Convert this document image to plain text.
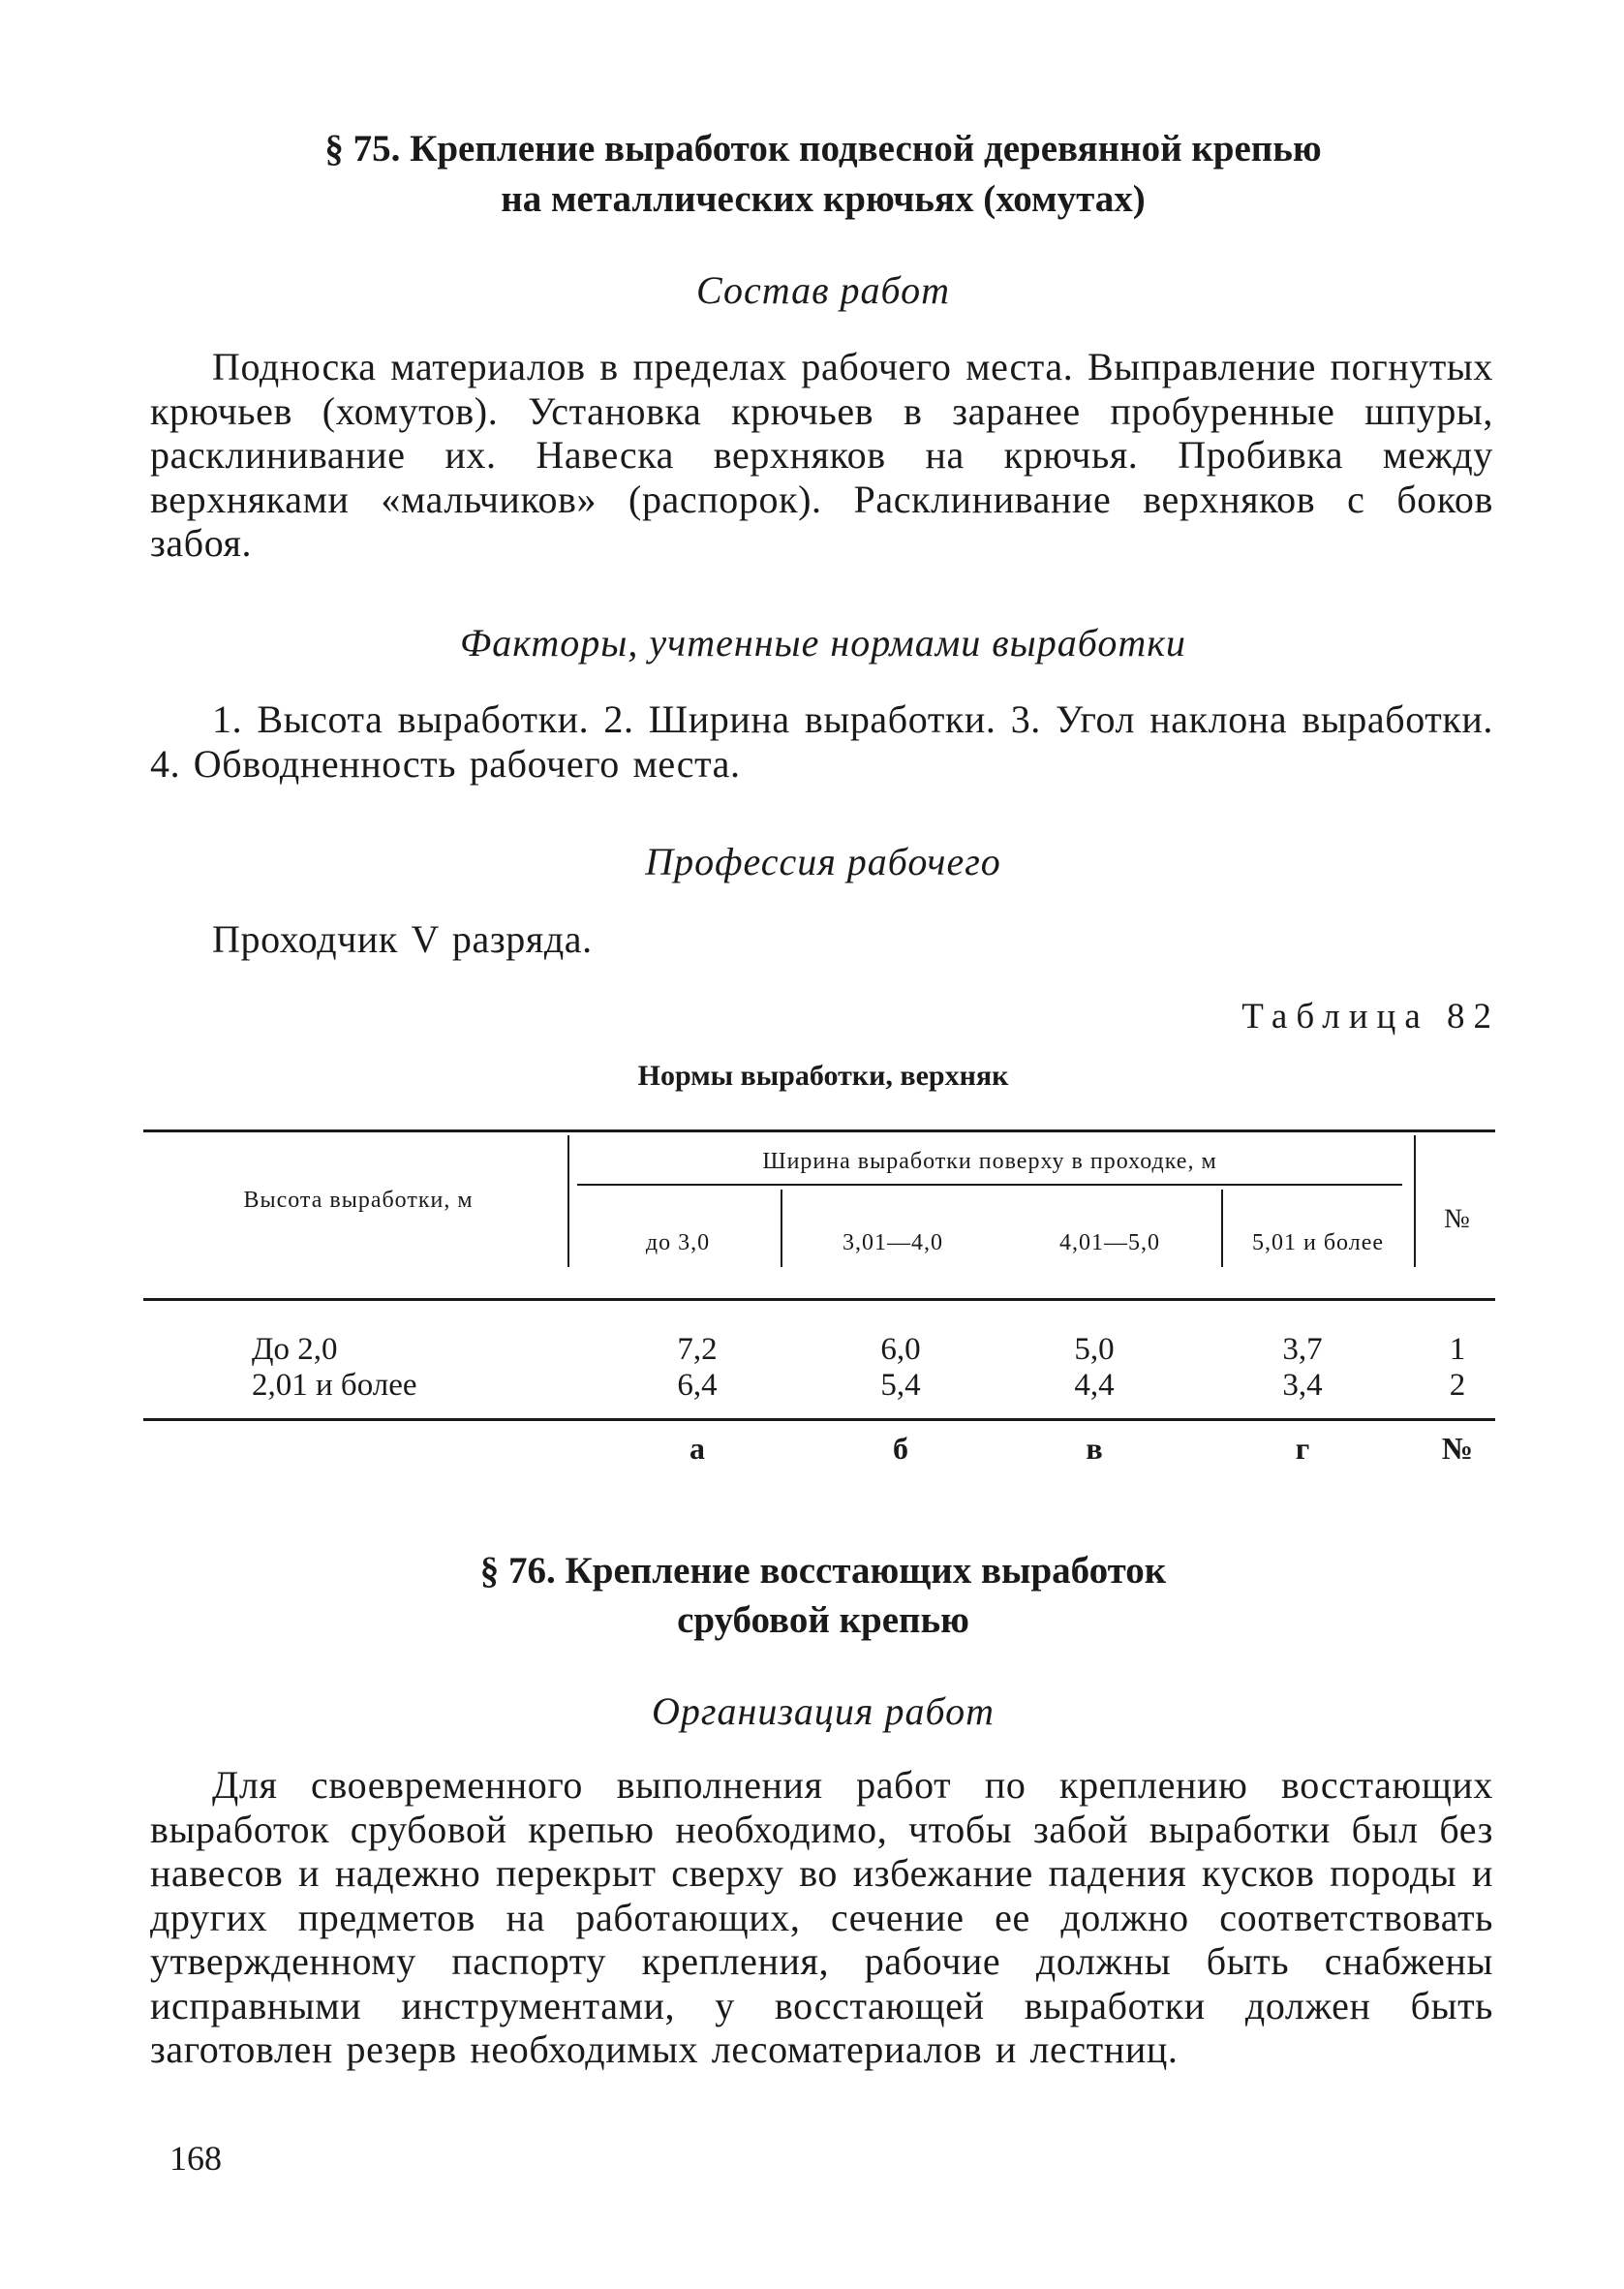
§ 75. Крепление выработок подвесной деревянной крепью
на металлических крючьях (хомутах)
Состав работ
Подноска материалов в пределах рабочего места. Выправление погнутых крючьев (хомутов). Установка крючьев в заранее пробуренные шпуры, расклинивание их. Навеска верхняков на крючья. Пробивка между верхняками «мальчиков» (распорок). Расклинивание верхняков с боков забоя.
Факторы, учтенные нормами выработки
1. Высота выработки. 2. Ширина выработки. 3. Угол наклона выработки. 4. Обводненность рабочего места.
Профессия рабочего
Проходчик V разряда.
Таблица 82
Нормы выработки, верхняк
Высота выработки, м
Ширина выработки поверху в проходке, м
до 3,0	3,01—4,0	4,01—5,0	5,01 и более
№
До 2,0	7,2	6,0	5,0	3,7	1
2,01 и более	6,4	5,4	4,4	3,4	2
а	б	в	г	№
§ 76. Крепление восстающих выработок
срубовой крепью
Организация работ
Для своевременного выполнения работ по креплению восстающих выработок срубовой крепью необходимо, чтобы забой выработки был без навесов и надежно перекрыт сверху во избежание падения кусков породы и других предметов на работающих, сечение ее должно соответствовать утвержденному паспорту крепления, рабочие должны быть снабжены исправными инструментами, у восстающей выработки должен быть заготовлен резерв необходимых лесоматериалов и лестниц.
168
